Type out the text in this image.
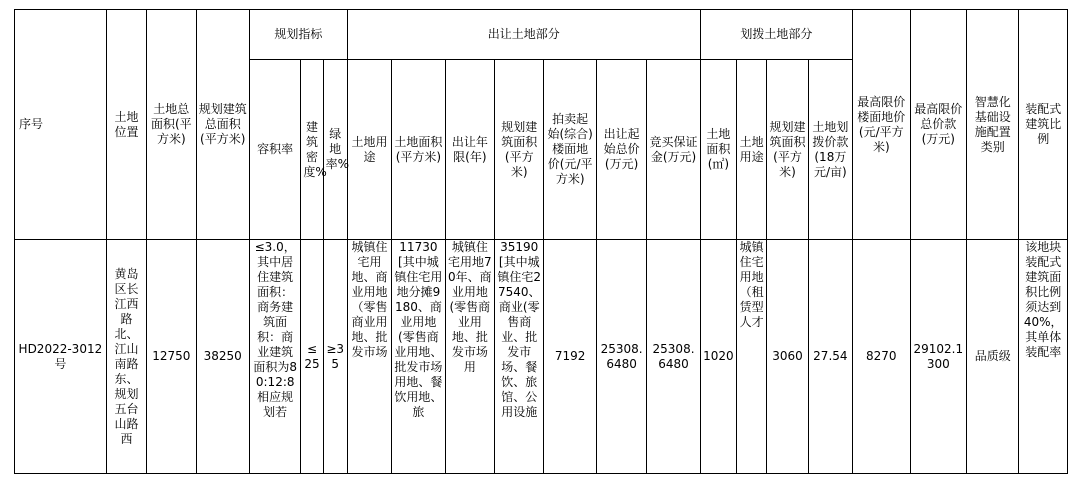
序号	土地位置	土地总面积(平方米)	规划建筑总面积(平方米)	规划指标			出让土地部分							划拨土地部分				最高限价楼面地价(元/平方米)	最高限价总价款(万元)	智慧化基础设施配置类别	装配式建筑比例
				容积率	建筑密度%	绿地率%	土地用途	土地面积(平方米)	出让年限(年)	规划建筑面积(平方米)	拍卖起始(综合)楼面地价(元/平方米)	出让起始总价(万元)	竞买保证金(万元)	土地面积(㎡)	土地用途	规划建筑面积(平方米)	土地划拨价款(18万元/亩)				
HD2022-3012号	黄岛区长江西路北、江山南路东、规划五台山路西	12750	38250	≤3.0，其中居住建筑面积：商务建筑面积：商业建筑面积为80:12:8相应规划若	≤25	≥35	城镇住宅用地、商业用地（零售商业用地、批发市场	11730[其中城镇住宅用地分摊9180、商业用地(零售商业用地、批发市场用地、餐饮用地、旅	城镇住宅用地70年、商业用地(零售商业用地、批发市场用	35190[其中城镇住宅27540、商业(零售商业、批发市场、餐饮、旅馆、公用设施	7192	25308.6480	25308.6480	1020	城镇住宅用地（租赁型人才	3060	27.54	8270	29102.1300	品质级	该地块装配式建筑面积比例须达到40%，其单体装配率
